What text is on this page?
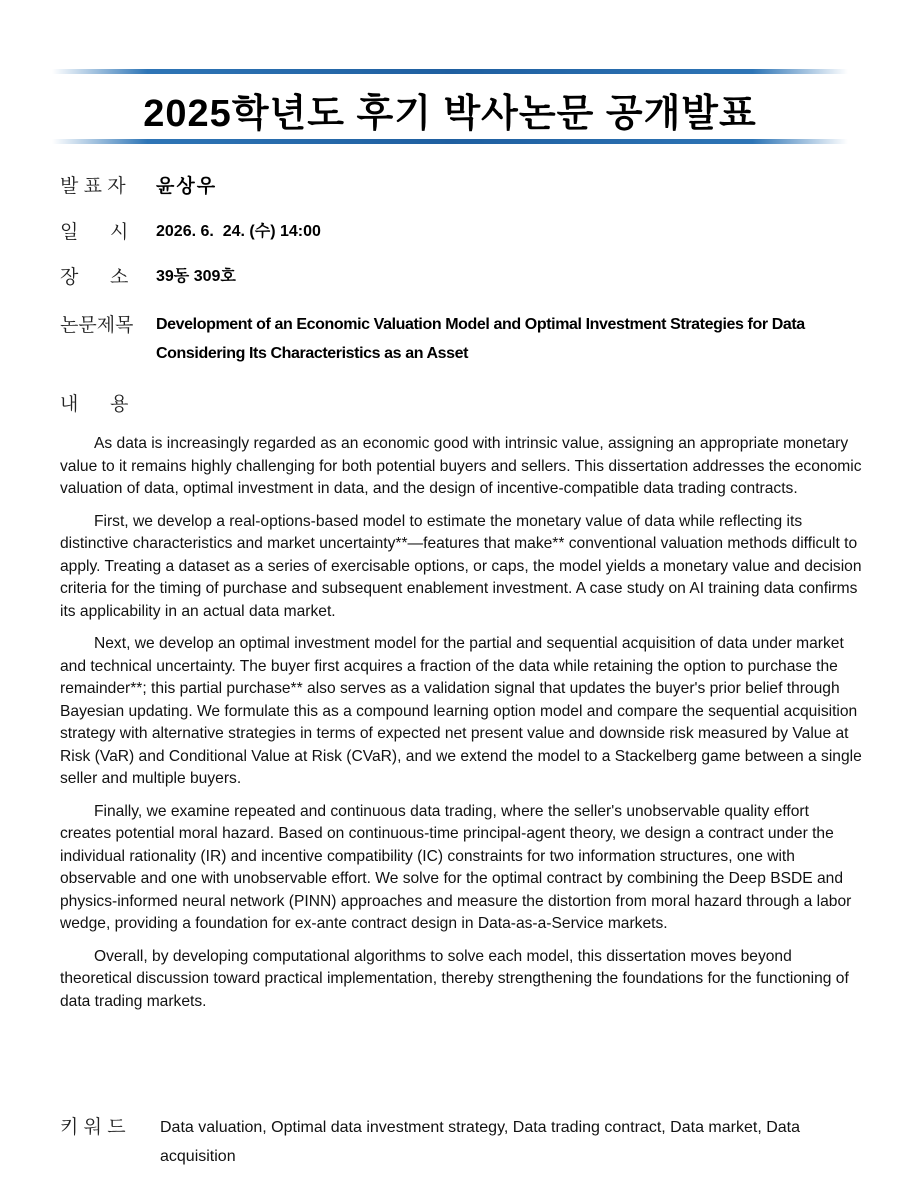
2025학년도 후기 박사논문 공개발표
발 표 자 윤상우
일      시 2026. 6.  24. (수) 14:00
장      소 39동 309호
논문제목 Development of an Economic Valuation Model and Optimal Investment Strategies for Data Considering Its Characteristics as an Asset
내      용

As data is increasingly regarded as an economic good with intrinsic value, assigning an appropriate monetary value to it remains highly challenging for both potential buyers and sellers. This dissertation addresses the economic valuation of data, optimal investment in data, and the design of incentive-compatible data trading contracts.

First, we develop a real-options-based model to estimate the monetary value of data while reflecting its distinctive characteristics and market uncertainty**—features that make** conventional valuation methods difficult to apply. Treating a dataset as a series of exercisable options, or caps, the model yields a monetary value and decision criteria for the timing of purchase and subsequent enablement investment. A case study on AI training data confirms its applicability in an actual data market.

Next, we develop an optimal investment model for the partial and sequential acquisition of data under market and technical uncertainty. The buyer first acquires a fraction of the data while retaining the option to purchase the remainder**; this partial purchase** also serves as a validation signal that updates the buyer's prior belief through Bayesian updating. We formulate this as a compound learning option model and compare the sequential acquisition strategy with alternative strategies in terms of expected net present value and downside risk measured by Value at Risk (VaR) and Conditional Value at Risk (CVaR), and we extend the model to a Stackelberg game between a single seller and multiple buyers.

Finally, we examine repeated and continuous data trading, where the seller's unobservable quality effort creates potential moral hazard. Based on continuous-time principal-agent theory, we design a contract under the individual rationality (IR) and incentive compatibility (IC) constraints for two information structures, one with observable and one with unobservable effort. We solve for the optimal contract by combining the Deep BSDE and physics-informed neural network (PINN) approaches and measure the distortion from moral hazard through a labor wedge, providing a foundation for ex-ante contract design in Data-as-a-Service markets.

Overall, by developing computational algorithms to solve each model, this dissertation moves beyond theoretical discussion toward practical implementation, thereby strengthening the foundations for the functioning of data trading markets.

키 워 드 Data valuation, Optimal data investment strategy, Data trading contract, Data market, Data acquisition
